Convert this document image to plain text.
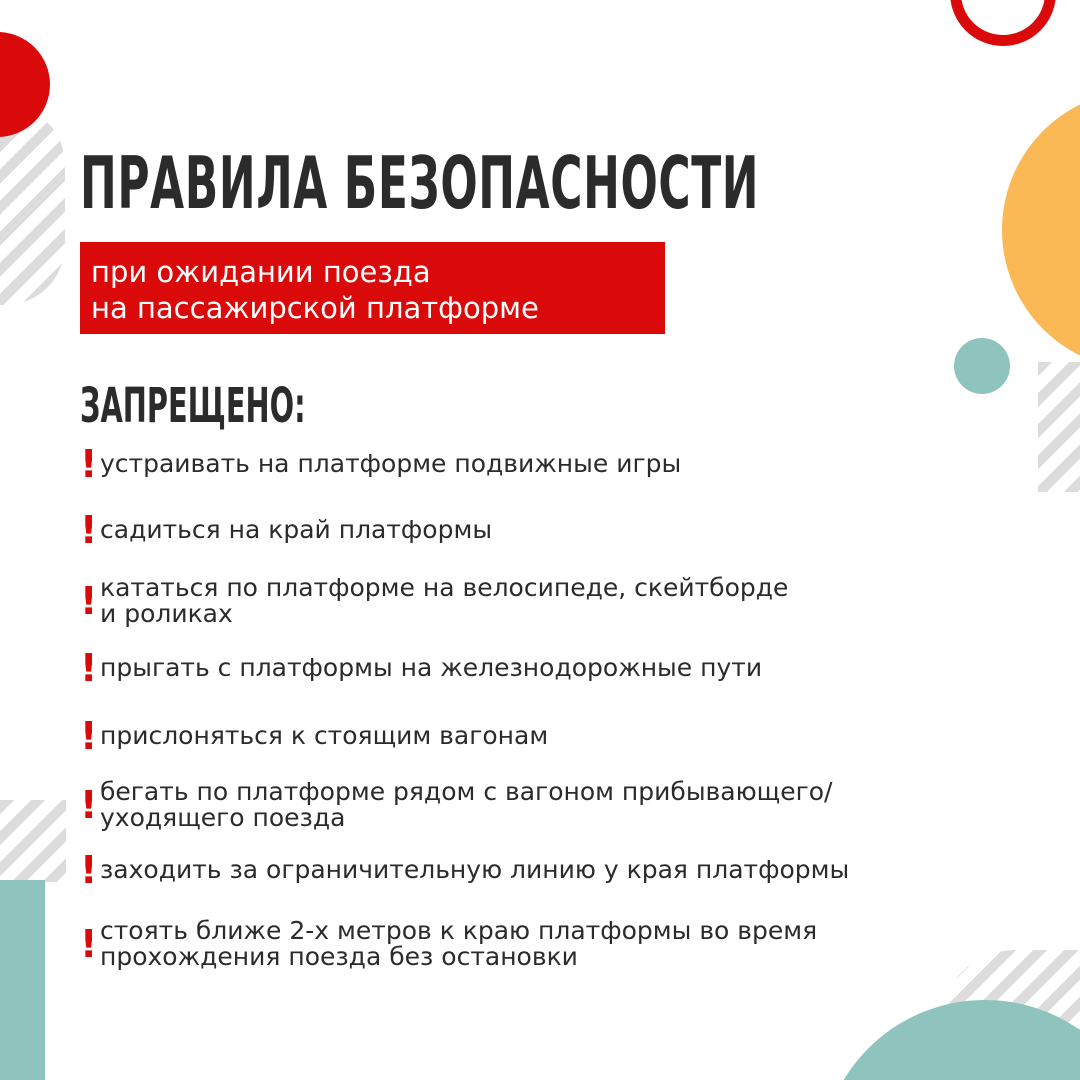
ПРАВИЛА БЕЗОПАСНОСТИ
при ожидании поезда
на пассажирской платформе
ЗАПРЕЩЕНО:
! устраивать на платформе подвижные игры
! садиться на край платформы
! кататься по платформе на велосипеде, скейтборде
и роликах
! прыгать с платформы на железнодорожные пути
! прислоняться к стоящим вагонам
! бегать по платформе рядом с вагоном прибывающего/
уходящего поезда
! заходить за ограничительную линию у края платформы
! стоять ближе 2-х метров к краю платформы во время
прохождения поезда без остановки
